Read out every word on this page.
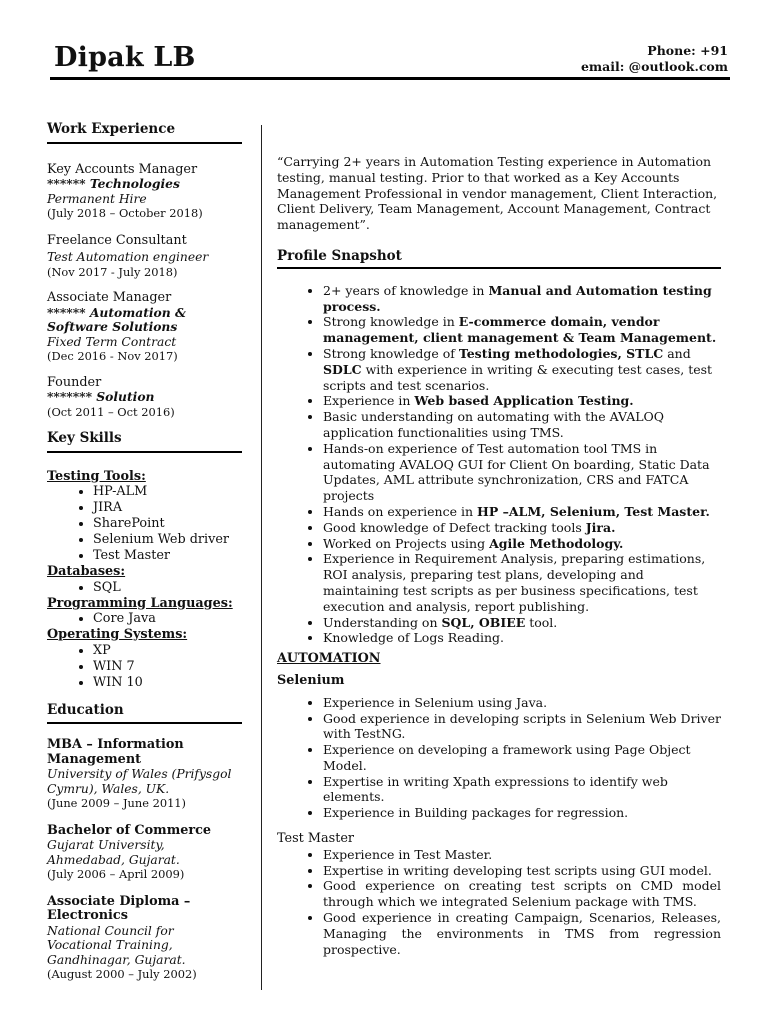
Dipak LB	Phone: +91
email: @outlook.com
Work Experience
Key Accounts Manager
****** Technologies
Permanent Hire
(July 2018 – October 2018)
Freelance Consultant
Test Automation engineer
(Nov 2017 - July 2018)
Associate Manager
****** Automation & Software Solutions
Fixed Term Contract
(Dec 2016 - Nov 2017)
Founder
******* Solution
(Oct 2011 – Oct 2016)
Key Skills
Testing Tools:
• HP-ALM
• JIRA
• SharePoint
• Selenium Web driver
• Test Master
Databases:
• SQL
Programming Languages:
• Core Java
Operating Systems:
• XP
• WIN 7
• WIN 10
Education
MBA – Information Management
University of Wales (Prifysgol Cymru), Wales, UK.
(June 2009 – June 2011)
Bachelor of Commerce
Gujarat University, Ahmedabad, Gujarat.
(July 2006 – April 2009)
Associate Diploma – Electronics
National Council for Vocational Training, Gandhinagar, Gujarat.
(August 2000 – July 2002)

“Carrying 2+ years in Automation Testing experience in Automation testing, manual testing. Prior to that worked as a Key Accounts Management Professional in vendor management, Client Interaction, Client Delivery, Team Management, Account Management, Contract management”.

Profile Snapshot
• 2+ years of knowledge in Manual and Automation testing process.
• Strong knowledge in E-commerce domain, vendor management, client management & Team Management.
• Strong knowledge of Testing methodologies, STLC and SDLC with experience in writing & executing test cases, test scripts and test scenarios.
• Experience in Web based Application Testing.
• Basic understanding on automating with the AVALOQ application functionalities using TMS.
• Hands-on experience of Test automation tool TMS in automating AVALOQ GUI for Client On boarding, Static Data Updates, AML attribute synchronization, CRS and FATCA projects
• Hands on experience in HP –ALM, Selenium, Test Master.
• Good knowledge of Defect tracking tools Jira.
• Worked on Projects using Agile Methodology.
• Experience in Requirement Analysis, preparing estimations, ROI analysis, preparing test plans, developing and maintaining test scripts as per business specifications, test execution and analysis, report publishing.
• Understanding on SQL, OBIEE tool.
• Knowledge of Logs Reading.
AUTOMATION
Selenium
• Experience in Selenium using Java.
• Good experience in developing scripts in Selenium Web Driver with TestNG.
• Experience on developing a framework using Page Object Model.
• Expertise in writing Xpath expressions to identify web elements.
• Experience in Building packages for regression.
Test Master
• Experience in Test Master.
• Expertise in writing developing test scripts using GUI model.
• Good experience on creating test scripts on CMD model through which we integrated Selenium package with TMS.
• Good experience in creating Campaign, Scenarios, Releases, Managing the environments in TMS from regression prospective.
